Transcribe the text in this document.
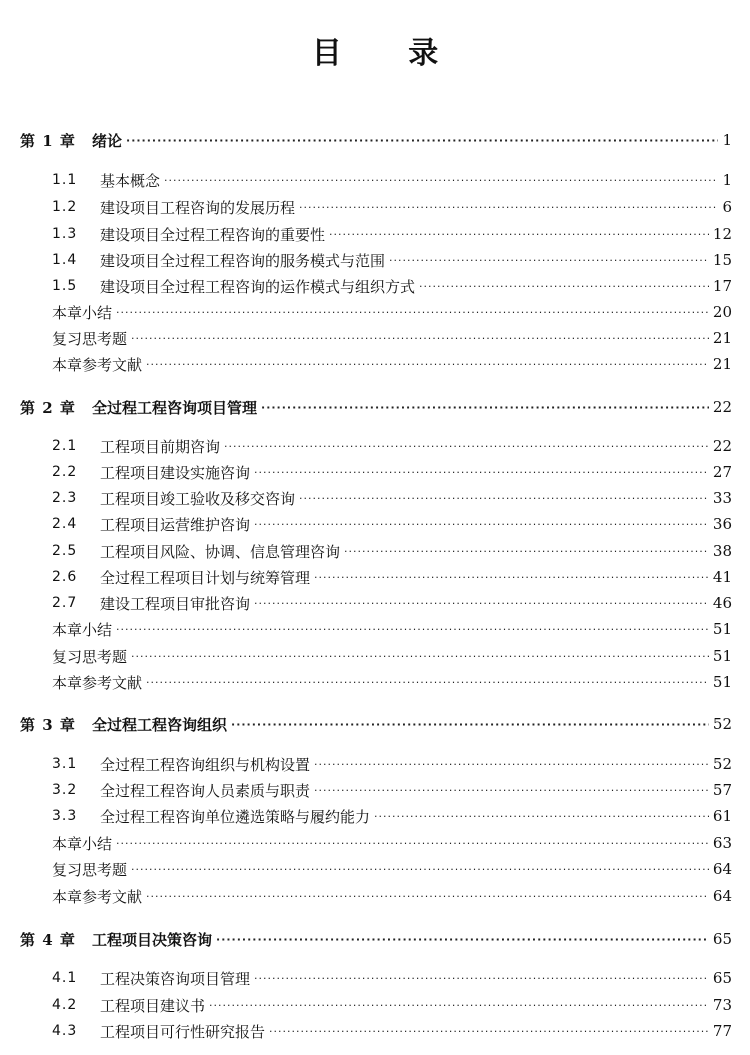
目 录
第 1 章	绪论 ·····	1
1.1	基本概念 ·····	1
1.2	建设项目工程咨询的发展历程 ·····	6
1.3	建设项目全过程工程咨询的重要性 ·····	12
1.4	建设项目全过程工程咨询的服务模式与范围 ·····	15
1.5	建设项目全过程工程咨询的运作模式与组织方式 ·····	17
本章小结 ·····	20
复习思考题 ·····	21
本章参考文献 ·····	21
第 2 章	全过程工程咨询项目管理 ·····	22
2.1	工程项目前期咨询 ·····	22
2.2	工程项目建设实施咨询 ·····	27
2.3	工程项目竣工验收及移交咨询 ·····	33
2.4	工程项目运营维护咨询 ·····	36
2.5	工程项目风险、协调、信息管理咨询 ·····	38
2.6	全过程工程项目计划与统筹管理 ·····	41
2.7	建设工程项目审批咨询 ·····	46
本章小结 ·····	51
复习思考题 ·····	51
本章参考文献 ·····	51
第 3 章	全过程工程咨询组织 ·····	52
3.1	全过程工程咨询组织与机构设置 ·····	52
3.2	全过程工程咨询人员素质与职责 ·····	57
3.3	全过程工程咨询单位遴选策略与履约能力 ·····	61
本章小结 ·····	63
复习思考题 ·····	64
本章参考文献 ·····	64
第 4 章	工程项目决策咨询 ·····	65
4.1	工程决策咨询项目管理 ·····	65
4.2	工程项目建议书 ·····	73
4.3	工程项目可行性研究报告 ·····	77
